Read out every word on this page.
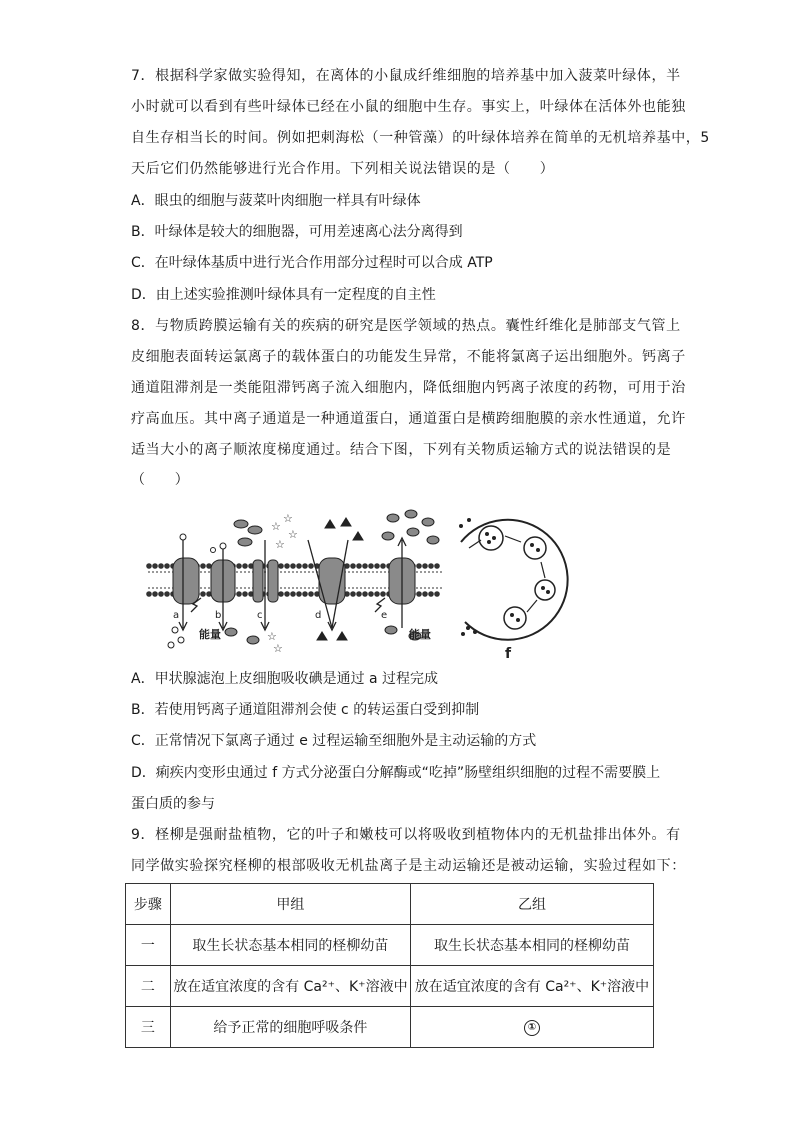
7．根据科学家做实验得知，在离体的小鼠成纤维细胞的培养基中加入菠菜叶绿体，半
小时就可以看到有些叶绿体已经在小鼠的细胞中生存。事实上，叶绿体在活体外也能独
自生存相当长的时间。例如把刺海松（一种管藻）的叶绿体培养在简单的无机培养基中，5
天后它们仍然能够进行光合作用。下列相关说法错误的是（　　）
A．眼虫的细胞与菠菜叶肉细胞一样具有叶绿体
B．叶绿体是较大的细胞器，可用差速离心法分离得到
C．在叶绿体基质中进行光合作用部分过程时可以合成 ATP
D．由上述实验推测叶绿体具有一定程度的自主性
8．与物质跨膜运输有关的疾病的研究是医学领域的热点。囊性纤维化是肺部支气管上
皮细胞表面转运氯离子的载体蛋白的功能发生异常，不能将氯离子运出细胞外。钙离子
通道阻滞剂是一类能阻滞钙离子流入细胞内，降低细胞内钙离子浓度的药物，可用于治
疗高血压。其中离子通道是一种通道蛋白，通道蛋白是横跨细胞膜的亲水性通道，允许
适当大小的离子顺浓度梯度通过。结合下图，下列有关物质运输方式的说法错误的是
（　　）
☆
☆
☆
☆
☆
☆
a	b	c	d	e
f
能量	能量
A．甲状腺滤泡上皮细胞吸收碘是通过 a 过程完成
B．若使用钙离子通道阻滞剂会使 c 的转运蛋白受到抑制
C．正常情况下氯离子通过 e 过程运输至细胞外是主动运输的方式
D．痢疾内变形虫通过 f 方式分泌蛋白分解酶或“吃掉”肠壁组织细胞的过程不需要膜上
蛋白质的参与
9．柽柳是强耐盐植物，它的叶子和嫩枝可以将吸收到植物体内的无机盐排出体外。有
同学做实验探究柽柳的根部吸收无机盐离子是主动运输还是被动运输，实验过程如下：
步骤	甲组	乙组
一	取生长状态基本相同的柽柳幼苗	取生长状态基本相同的柽柳幼苗
二	放在适宜浓度的含有 Ca²⁺、K⁺溶液中	放在适宜浓度的含有 Ca²⁺、K⁺溶液中
三	给予正常的细胞呼吸条件	①
